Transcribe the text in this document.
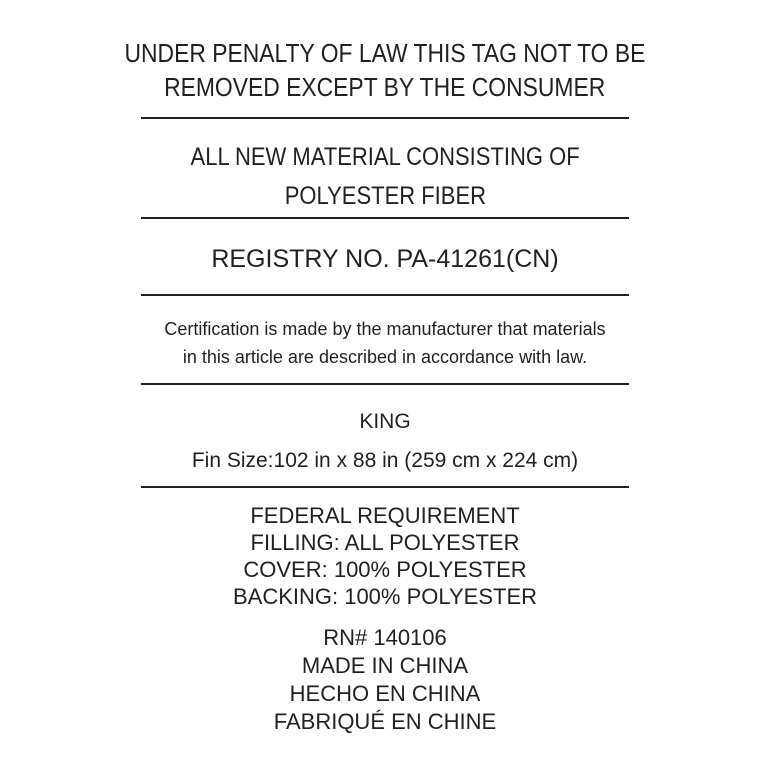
UNDER PENALTY OF LAW THIS TAG NOT TO BE
REMOVED EXCEPT BY THE CONSUMER
ALL NEW MATERIAL CONSISTING OF
POLYESTER FIBER
REGISTRY NO. PA-41261(CN)
Certification is made by the manufacturer that materials
in this article are described in accordance with law.
KING
Fin Size:102 in x 88 in (259 cm x 224 cm)
FEDERAL REQUIREMENT
FILLING: ALL POLYESTER
COVER: 100% POLYESTER
BACKING: 100% POLYESTER
RN# 140106
MADE IN CHINA
HECHO EN CHINA
FABRIQUÉ EN CHINE
